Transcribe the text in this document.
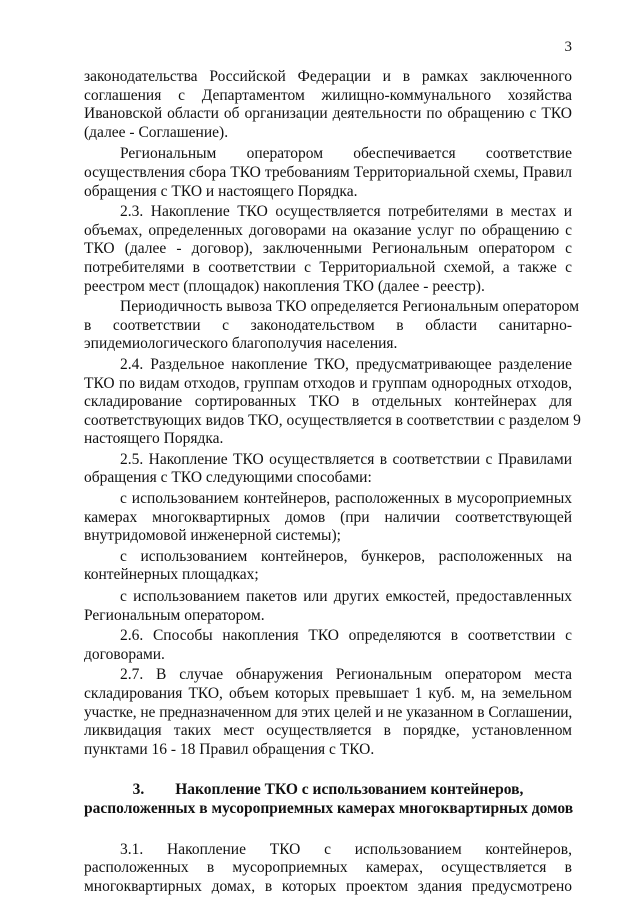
3
законодательства Российской Федерации и в рамках заключенного
соглашения с Департаментом жилищно-коммунального хозяйства
Ивановской области об организации деятельности по обращению с ТКО
(далее - Соглашение).
Региональным оператором обеспечивается соответствие
осуществления сбора ТКО требованиям Территориальной схемы, Правил
обращения с ТКО и настоящего Порядка.
2.3. Накопление ТКО осуществляется потребителями в местах и
объемах, определенных договорами на оказание услуг по обращению с
ТКО (далее - договор), заключенными Региональным оператором с
потребителями в соответствии с Территориальной схемой, а также с
реестром мест (площадок) накопления ТКО (далее - реестр).
Периодичность вывоза ТКО определяется Региональным оператором
в соответствии с законодательством в области санитарно-
эпидемиологического благополучия населения.
2.4. Раздельное накопление ТКО, предусматривающее разделение
ТКО по видам отходов, группам отходов и группам однородных отходов,
складирование сортированных ТКО в отдельных контейнерах для
соответствующих видов ТКО, осуществляется в соответствии с разделом 9
настоящего Порядка.
2.5. Накопление ТКО осуществляется в соответствии с Правилами
обращения с ТКО следующими способами:
с использованием контейнеров, расположенных в мусороприемных
камерах многоквартирных домов (при наличии соответствующей
внутридомовой инженерной системы);
с использованием контейнеров, бункеров, расположенных на
контейнерных площадках;
с использованием пакетов или других емкостей, предоставленных
Региональным оператором.
2.6. Способы накопления ТКО определяются в соответствии с
договорами.
2.7. В случае обнаружения Региональным оператором места
складирования ТКО, объем которых превышает 1 куб. м, на земельном
участке, не предназначенном для этих целей и не указанном в Соглашении,
ликвидация таких мест осуществляется в порядке, установленном
пунктами 16 - 18 Правил обращения с ТКО.
3.        Накопление ТКО с использованием контейнеров,
расположенных в мусороприемных камерах многоквартирных домов
3.1. Накопление ТКО с использованием контейнеров,
расположенных в мусороприемных камерах, осуществляется в
многоквартирных домах, в которых проектом здания предусмотрено
